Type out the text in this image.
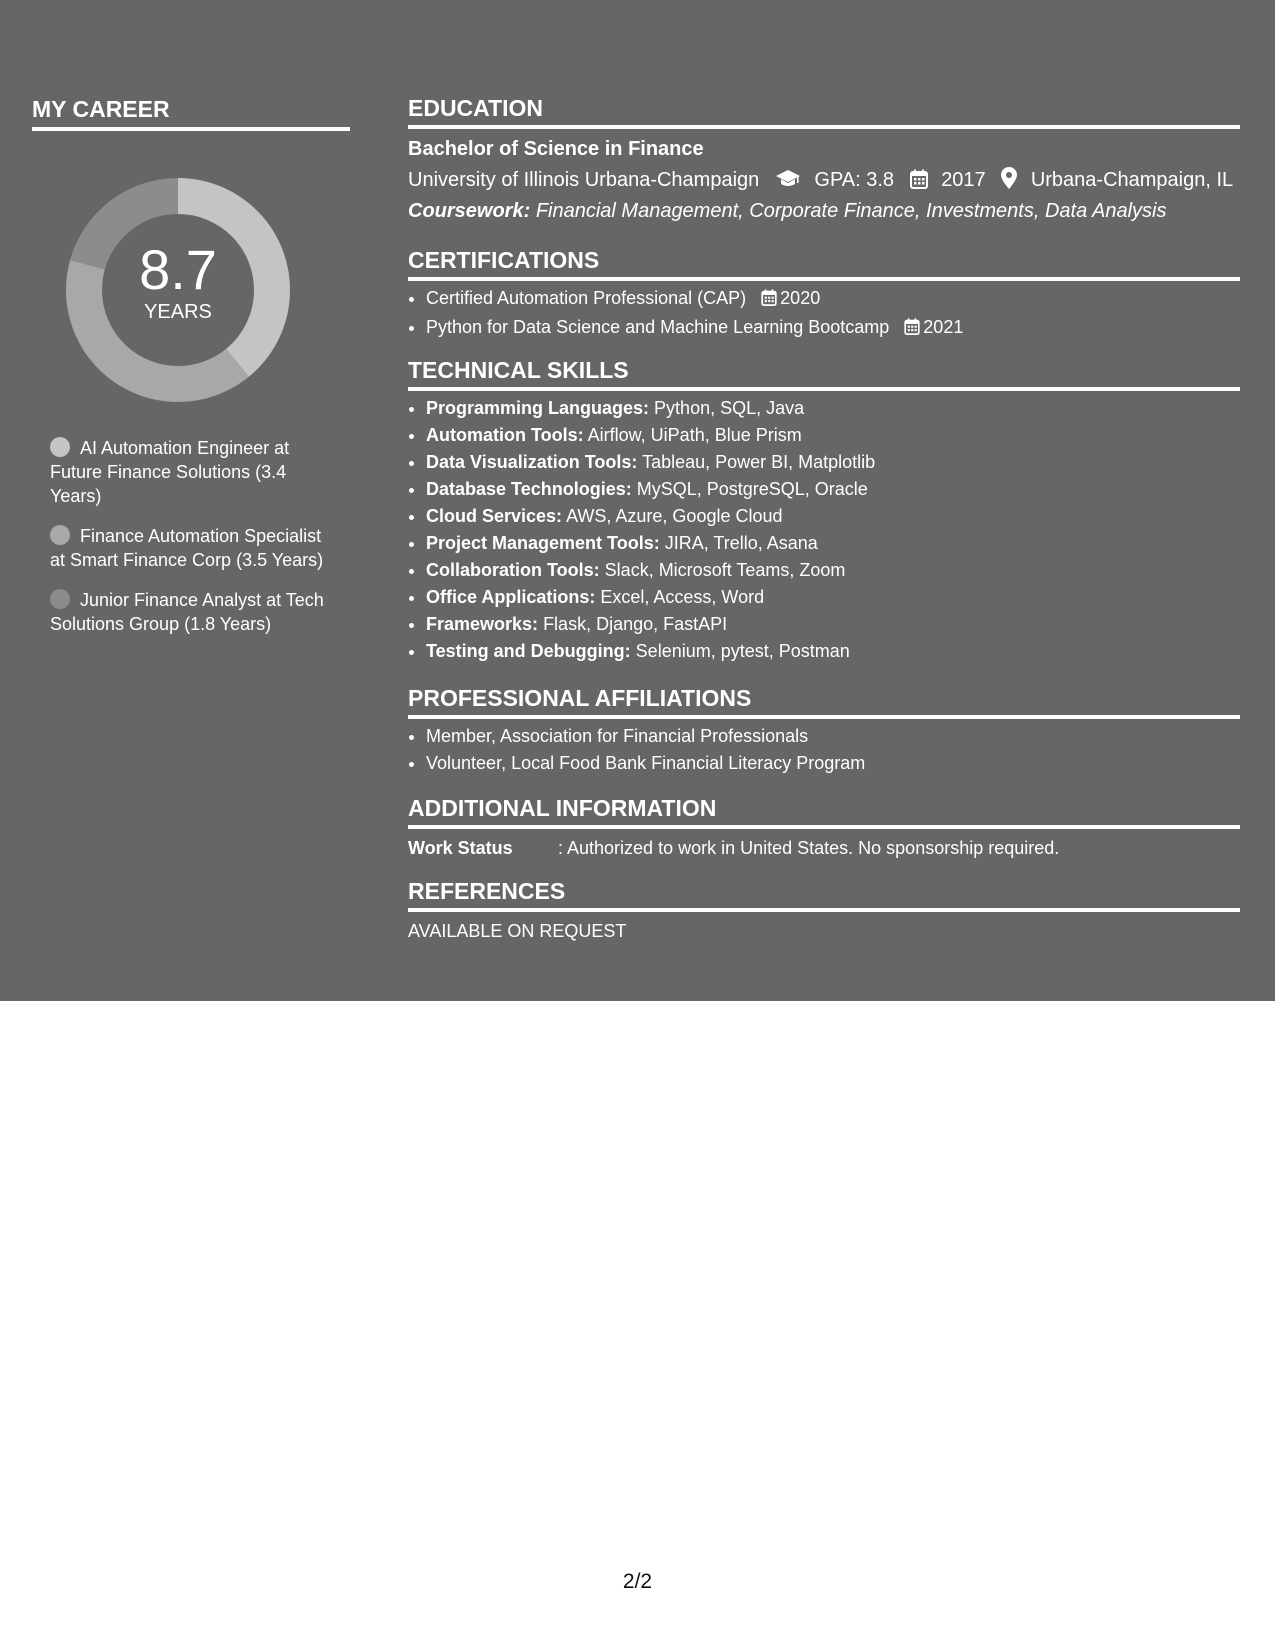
MY CAREER
8.7
YEARS
AI Automation Engineer at Future Finance Solutions (3.4 Years)
Finance Automation Specialist at Smart Finance Corp (3.5 Years)
Junior Finance Analyst at Tech Solutions Group (1.8 Years)
EDUCATION
Bachelor of Science in Finance
University of Illinois Urbana-Champaign	GPA: 3.8 2017 Urbana-Champaign, IL
Coursework: Financial Management, Corporate Finance, Investments, Data Analysis
CERTIFICATIONS
• Certified Automation Professional (CAP) 2020
• Python for Data Science and Machine Learning Bootcamp 2021
TECHNICAL SKILLS
• Programming Languages: Python, SQL, Java
• Automation Tools: Airflow, UiPath, Blue Prism
• Data Visualization Tools: Tableau, Power BI, Matplotlib
• Database Technologies: MySQL, PostgreSQL, Oracle
• Cloud Services: AWS, Azure, Google Cloud
• Project Management Tools: JIRA, Trello, Asana
• Collaboration Tools: Slack, Microsoft Teams, Zoom
• Office Applications: Excel, Access, Word
• Frameworks: Flask, Django, FastAPI
• Testing and Debugging: Selenium, pytest, Postman
PROFESSIONAL AFFILIATIONS
• Member, Association for Financial Professionals
• Volunteer, Local Food Bank Financial Literacy Program
ADDITIONAL INFORMATION
Work Status	: Authorized to work in United States. No sponsorship required.
REFERENCES
AVAILABLE ON REQUEST
2/2
